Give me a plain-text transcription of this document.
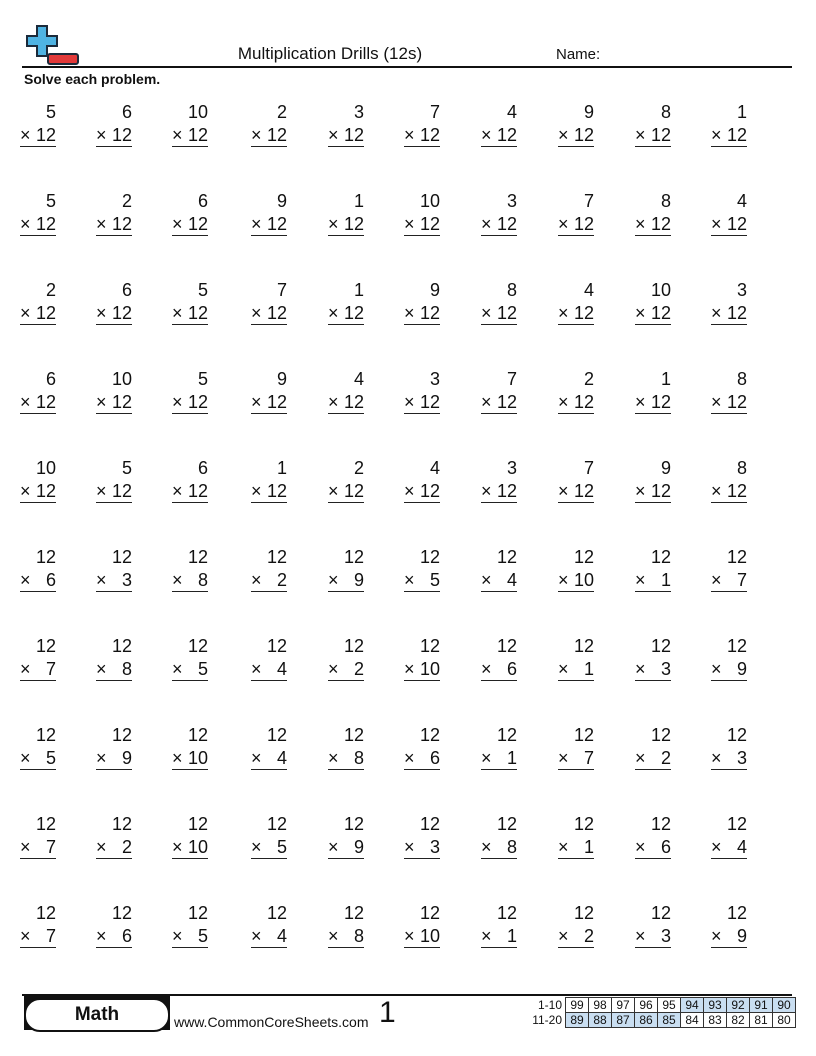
Multiplication Drills (12s)	Name:
Solve each problem.
5
× 12
6
× 12
10
× 12
2
× 12
3
× 12
7
× 12
4
× 12
9
× 12
8
× 12
1
× 12
5
× 12
2
× 12
6
× 12
9
× 12
1
× 12
10
× 12
3
× 12
7
× 12
8
× 12
4
× 12
2
× 12
6
× 12
5
× 12
7
× 12
1
× 12
9
× 12
8
× 12
4
× 12
10
× 12
3
× 12
6
× 12
10
× 12
5
× 12
9
× 12
4
× 12
3
× 12
7
× 12
2
× 12
1
× 12
8
× 12
10
× 12
5
× 12
6
× 12
1
× 12
2
× 12
4
× 12
3
× 12
7
× 12
9
× 12
8
× 12
12
× 6
12
× 3
12
× 8
12
× 2
12
× 9
12
× 5
12
× 4
12
× 10
12
× 1
12
× 7
12
× 7
12
× 8
12
× 5
12
× 4
12
× 2
12
× 10
12
× 6
12
× 1
12
× 3
12
× 9
12
× 5
12
× 9
12
× 10
12
× 4
12
× 8
12
× 6
12
× 1
12
× 7
12
× 2
12
× 3
12
× 7
12
× 2
12
× 10
12
× 5
12
× 9
12
× 3
12
× 8
12
× 1
12
× 6
12
× 4
12
× 7
12
× 6
12
× 5
12
× 4
12
× 8
12
× 10
12
× 1
12
× 2
12
× 3
12
× 9
Math	www.CommonCoreSheets.com 1	1-10	99	98	97	96	95	94	93	92	91	90
11-20	89	88	87	86	85	84	83	82	81	80
